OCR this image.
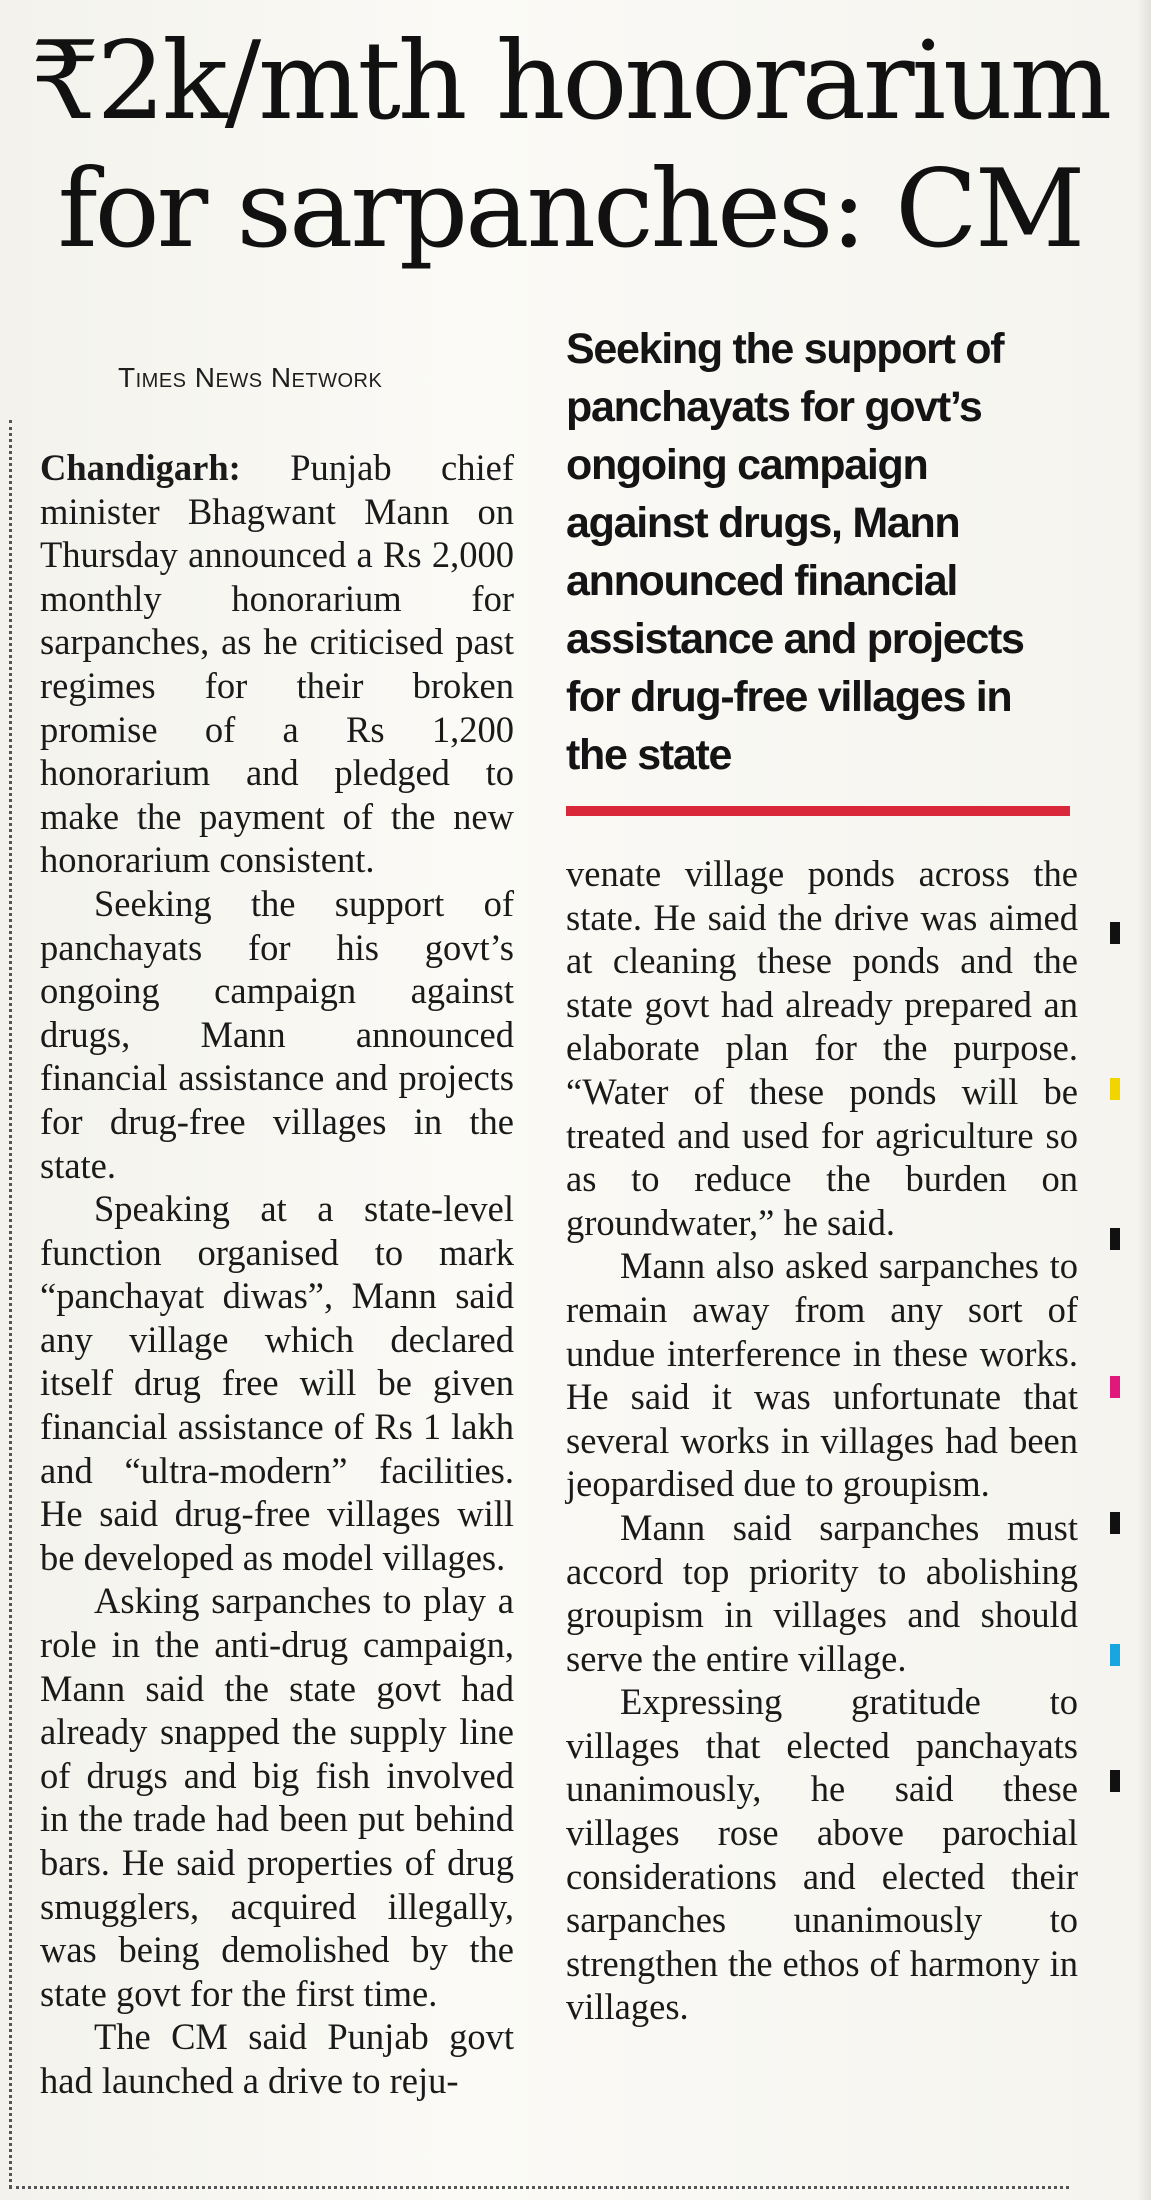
₹2k/mth honorarium for sarpanches: CM
Times News Network
Seeking the support of panchayats for govt’s ongoing campaign against drugs, Mann announced financial assistance and projects for drug-free villages in the state

Chandigarh: Punjab chief minister Bhagwant Mann on Thursday announced a Rs 2,000 monthly honorarium for sarpanches, as he criticised past regimes for their broken promise of a Rs 1,200 honorarium and pledged to make the payment of the new honorarium consistent.

Seeking the support of panchayats for his govt’s ongoing campaign against drugs, Mann announced financial assistance and projects for drug-free villages in the state.

Speaking at a state-level function organised to mark “panchayat diwas”, Mann said any village which declared itself drug free will be given financial assistance of Rs 1 lakh and “ultra-modern” facilities. He said drug-free villages will be developed as model villages.

Asking sarpanches to play a role in the anti-drug campaign, Mann said the state govt had already snapped the supply line of drugs and big fish involved in the trade had been put behind bars. He said properties of drug smugglers, acquired illegally, was being demolished by the state govt for the first time.

The CM said Punjab govt had launched a drive to reju-

venate village ponds across the state. He said the drive was aimed at cleaning these ponds and the state govt had already prepared an elaborate plan for the purpose. “Water of these ponds will be treated and used for agriculture so as to reduce the burden on groundwater,” he said.

Mann also asked sarpanches to remain away from any sort of undue interference in these works. He said it was unfortunate that several works in villages had been jeopardised due to groupism.

Mann said sarpanches must accord top priority to abolishing groupism in villages and should serve the entire village.

Expressing gratitude to villages that elected panchayats unanimously, he said these villages rose above parochial considerations and elected their sarpanches unanimously to strengthen the ethos of harmony in villages.
